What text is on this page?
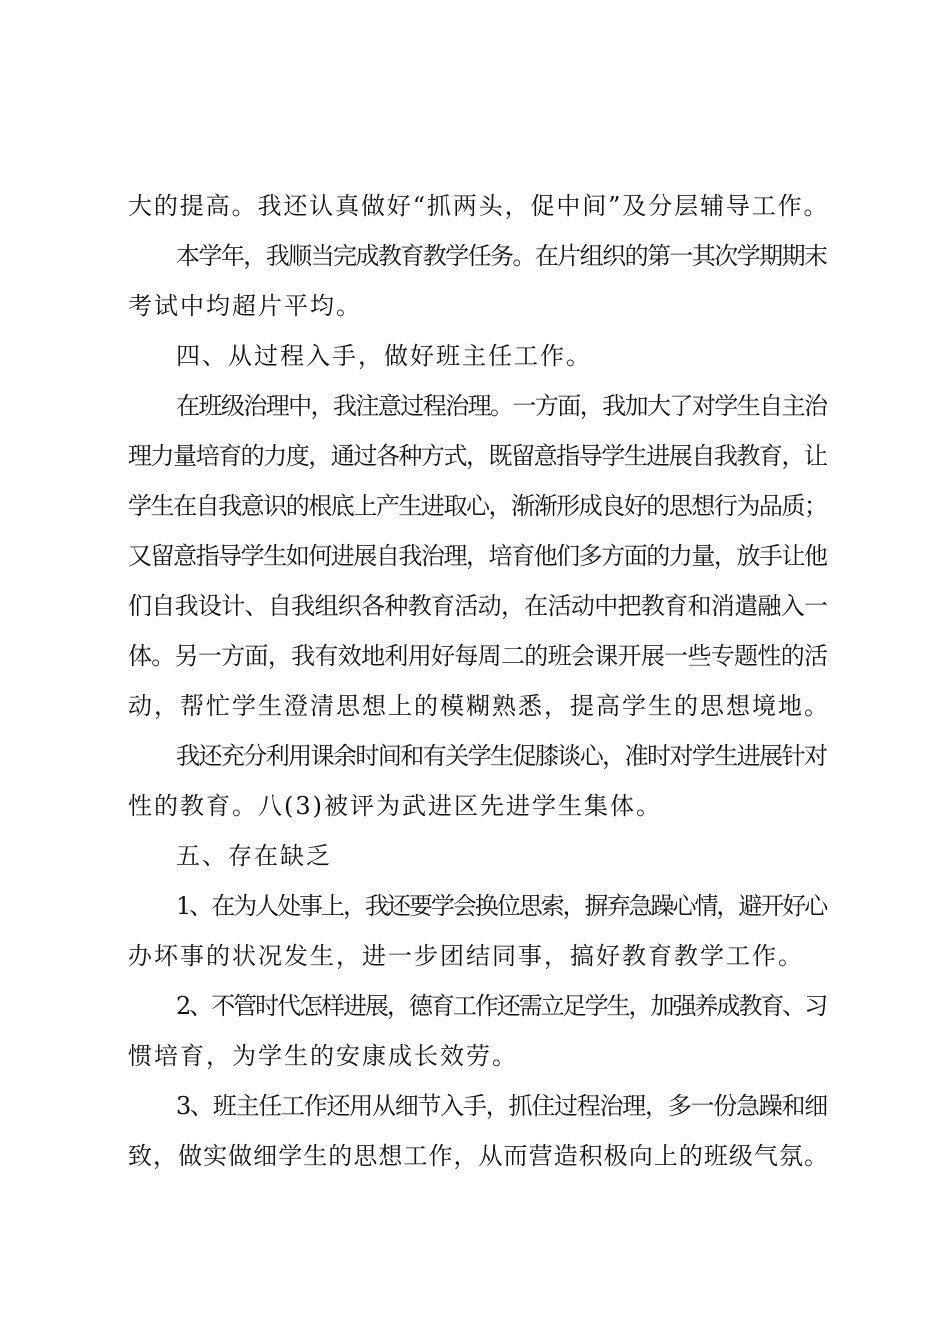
大的提高。我还认真做好“抓两头，促中间”及分层辅导工作。
本学年，我顺当完成教育教学任务。在片组织的第一其次学期期末
考试中均超片平均。
四、从过程入手，做好班主任工作。
在班级治理中，我注意过程治理。一方面，我加大了对学生自主治
理力量培育的力度，通过各种方式，既留意指导学生进展自我教育，让
学生在自我意识的根底上产生进取心，渐渐形成良好的思想行为品质；
又留意指导学生如何进展自我治理，培育他们多方面的力量，放手让他
们自我设计、自我组织各种教育活动，在活动中把教育和消遣融入一
体。另一方面，我有效地利用好每周二的班会课开展一些专题性的活
动，帮忙学生澄清思想上的模糊熟悉，提高学生的思想境地。
我还充分利用课余时间和有关学生促膝谈心，准时对学生进展针对
性的教育。八(3)被评为武进区先进学生集体。
五、存在缺乏
1、在为人处事上，我还要学会换位思索，摒弃急躁心情，避开好心
办坏事的状况发生，进一步团结同事，搞好教育教学工作。
2、不管时代怎样进展，德育工作还需立足学生，加强养成教育、习
惯培育，为学生的安康成长效劳。
3、班主任工作还用从细节入手，抓住过程治理，多一份急躁和细
致，做实做细学生的思想工作，从而营造积极向上的班级气氛。
